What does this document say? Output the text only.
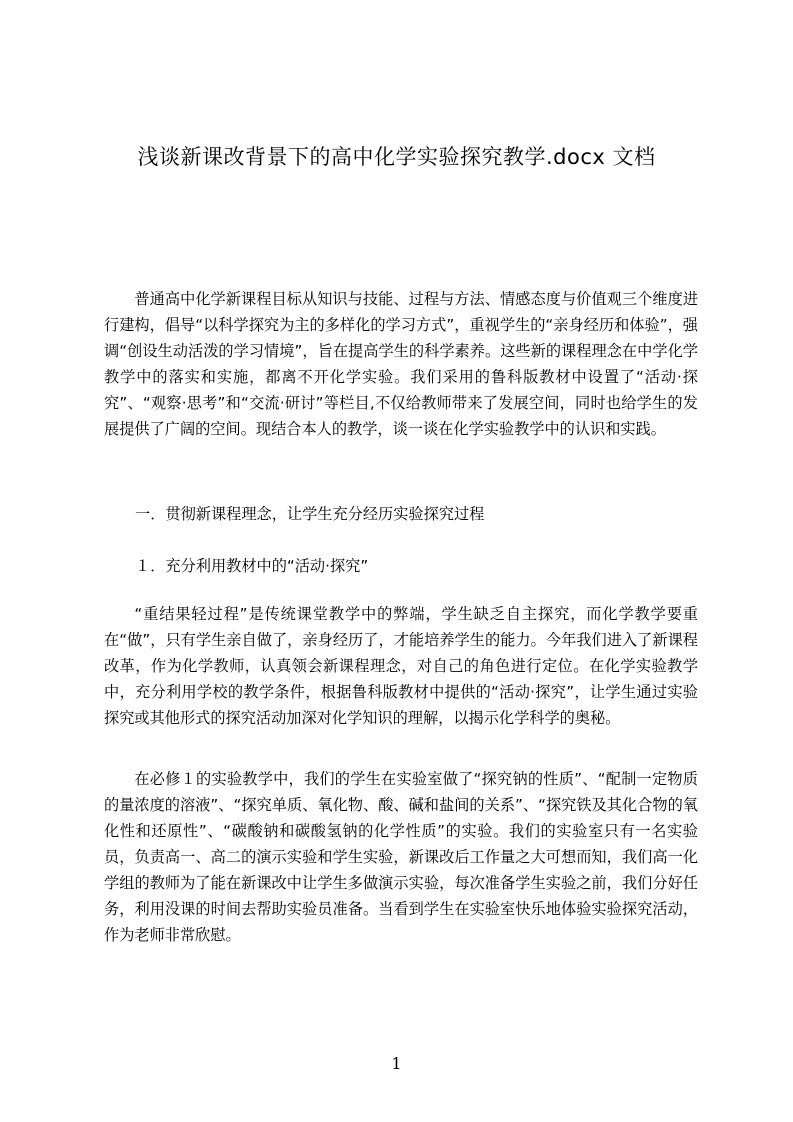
浅谈新课改背景下的高中化学实验探究教学.docx 文档

普通高中化学新课程目标从知识与技能、过程与方法、情感态度与价值观三个维度进行建构，倡导“以科学探究为主的多样化的学习方式”，重视学生的“亲身经历和体验”，强调“创设生动活泼的学习情境”，旨在提高学生的科学素养。这些新的课程理念在中学化学教学中的落实和实施，都离不开化学实验。我们采用的鲁科版教材中设置了“活动·探究”、“观察·思考”和“交流·研讨”等栏目,不仅给教师带来了发展空间，同时也给学生的发展提供了广阔的空间。现结合本人的教学，谈一谈在化学实验教学中的认识和实践。

一．贯彻新课程理念，让学生充分经历实验探究过程

１．充分利用教材中的“活动·探究”

“重结果轻过程”是传统课堂教学中的弊端，学生缺乏自主探究，而化学教学要重在“做”，只有学生亲自做了，亲身经历了，才能培养学生的能力。今年我们进入了新课程改革，作为化学教师，认真领会新课程理念，对自己的角色进行定位。在化学实验教学中，充分利用学校的教学条件，根据鲁科版教材中提供的“活动·探究”，让学生通过实验探究或其他形式的探究活动加深对化学知识的理解，以揭示化学科学的奥秘。

在必修１的实验教学中，我们的学生在实验室做了“探究钠的性质”、“配制一定物质的量浓度的溶液”、“探究单质、氧化物、酸、碱和盐间的关系”、“探究铁及其化合物的氧化性和还原性”、“碳酸钠和碳酸氢钠的化学性质”的实验。我们的实验室只有一名实验员，负责高一、高二的演示实验和学生实验，新课改后工作量之大可想而知，我们高一化学组的教师为了能在新课改中让学生多做演示实验，每次准备学生实验之前，我们分好任务，利用没课的时间去帮助实验员准备。当看到学生在实验室快乐地体验实验探究活动，作为老师非常欣慰。

1
